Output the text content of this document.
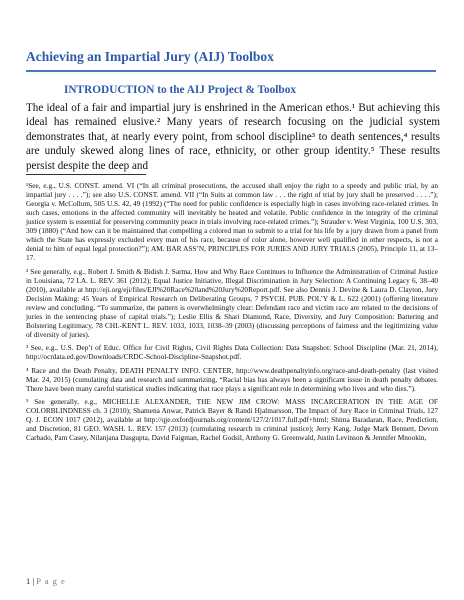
Achieving an Impartial Jury (AIJ) Toolbox
INTRODUCTION to the AIJ Project & Toolbox
The ideal of a fair and impartial jury is enshrined in the American ethos.¹ But achieving this ideal has remained elusive.² Many years of research focusing on the judicial system demonstrates that, at nearly every point, from school discipline³ to death sentences,⁴ results are unduly skewed along lines of race, ethnicity, or other group identity.⁵ These results persist despite the deep and

¹See, e.g., U.S. CONST. amend. VI (“In all criminal prosecutions, the accused shall enjoy the right to a speedy and public trial, by an impartial jury . . . .”); see also U.S. CONST. amend. VII (“In Suits at common law . . . the right of trial by jury shall be preserved . . . .”); Georgia v. McCollum, 505 U.S. 42, 49 (1992) (“The need for public confidence is especially high in cases involving race-related crimes. In such cases, emotions in the affected community will inevitably be heated and volatile. Public confidence in the integrity of the criminal justice system is essential for preserving community peace in trials involving race-related crimes.”); Strauder v. West Virginia, 100 U.S. 303, 309 (1880) (“And how can it be maintained that compelling a colored man to submit to a trial for his life by a jury drawn from a panel from which the State has expressly excluded every man of his race, because of color alone, however well qualified in other respects, is not a denial to him of equal legal protection?”); AM. BAR ASS’N, PRINCIPLES FOR JURIES AND JURY TRIALS (2005), Principle 11, at 13–17.

² See generally, e.g., Robert J. Smith & Bidish J. Sarma, How and Why Race Continues to Influence the Administration of Criminal Justice in Louisiana, 72 LA. L. REV. 361 (2012); Equal Justice Initiative, Illegal Discrimination in Jury Selection: A Continuing Legacy 6, 38–40 (2010), available at http://eji.org/eji/files/EJI%20Race%20and%20Jury%20Report.pdf. See also Dennis J. Devine & Laura D. Clayton, Jury Decision Making: 45 Years of Empirical Research on Deliberating Groups, 7 PSYCH. PUB. POL’Y & L. 622 (2001) (offering literature review and concluding, “To summarize, the pattern is overwhelmingly clear: Defendant race and victim race are related to the decisions of juries in the sentencing phase of capital trials.”); Leslie Ellis & Shari Diamond, Race, Diversity, and Jury Composition: Battering and Bolstering Legitimacy, 78 CHI.-KENT L. REV. 1033, 1033, 1038–39 (2003) (discussing perceptions of fairness and the legitimizing value of diversity of juries).

³ See, e.g., U.S. Dep’t of Educ. Office for Civil Rights, Civil Rights Data Collection: Data Snapshot: School Discipline (Mar. 21, 2014), http://ocrdata.ed.gov/Downloads/CRDC-School-Discipline-Snapshot.pdf.

⁴ Race and the Death Penalty, DEATH PENALTY INFO. CENTER, http://www.deathpenaltyinfo.org/race-and-death-penalty (last visited Mar. 24, 2015) (cumulating data and research and summarizing, “Racial bias has always been a significant issue in death penalty debates. There have been many careful statistical studies indicating that race plays a significant role in determining who lives and who dies.”).

⁵ See generally, e.g., MICHELLE ALEXANDER, THE NEW JIM CROW: MASS INCARCERATION IN THE AGE OF COLORBLINDNESS ch. 3 (2010); Shamena Anwar, Patrick Bayer & Randi Hjalmarsson, The Impact of Jury Race in Criminal Trials, 127 Q. J. ECON 1017 (2012), available at http://qje.oxfordjournals.org/content/127/2/1017.full.pdf+html; Shima Baradaran, Race, Prediction, and Discretion, 81 GEO. WASH. L. REV. 157 (2013) (cumulating research in criminal justice); Jerry Kang, Judge Mark Bennett, Devon Carbado, Pam Casey, Nilanjana Dasgupta, David Faigman, Rachel Godsil, Anthony G. Greenwald, Justin Levinson & Jennifer Mnookin,

1 | P a g e
